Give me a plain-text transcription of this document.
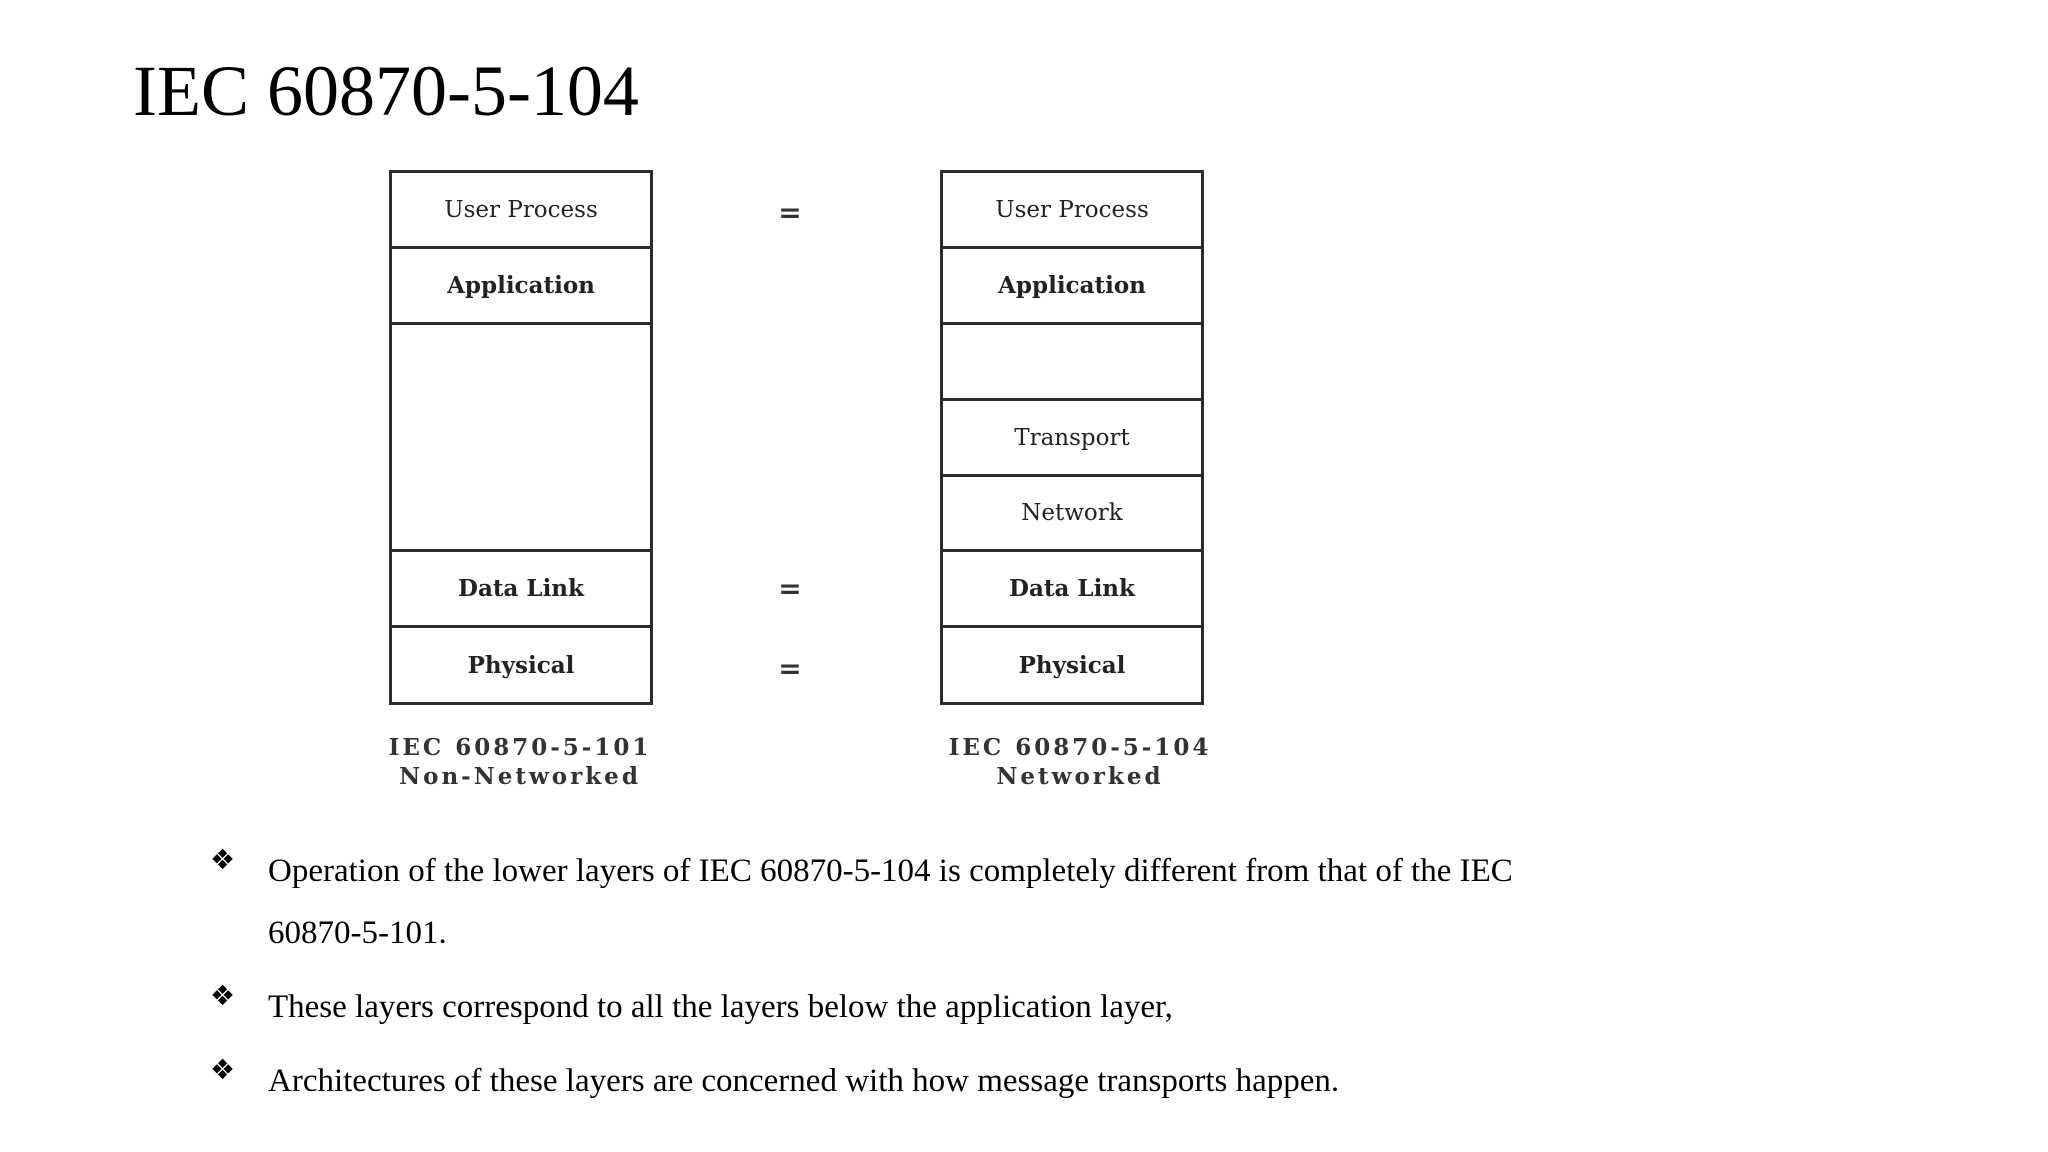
IEC 60870-5-104
User Process
Application
Data Link
Physical
=
=
=
User Process
Application
Transport
Network
Data Link
Physical
IEC 60870-5-101
Non-Networked
IEC 60870-5-104
Networked
❖ Operation of the lower layers of IEC 60870-5-104 is completely different from that of the IEC 60870-5-101.
❖ These layers correspond to all the layers below the application layer,
❖ Architectures of these layers are concerned with how message transports happen.
